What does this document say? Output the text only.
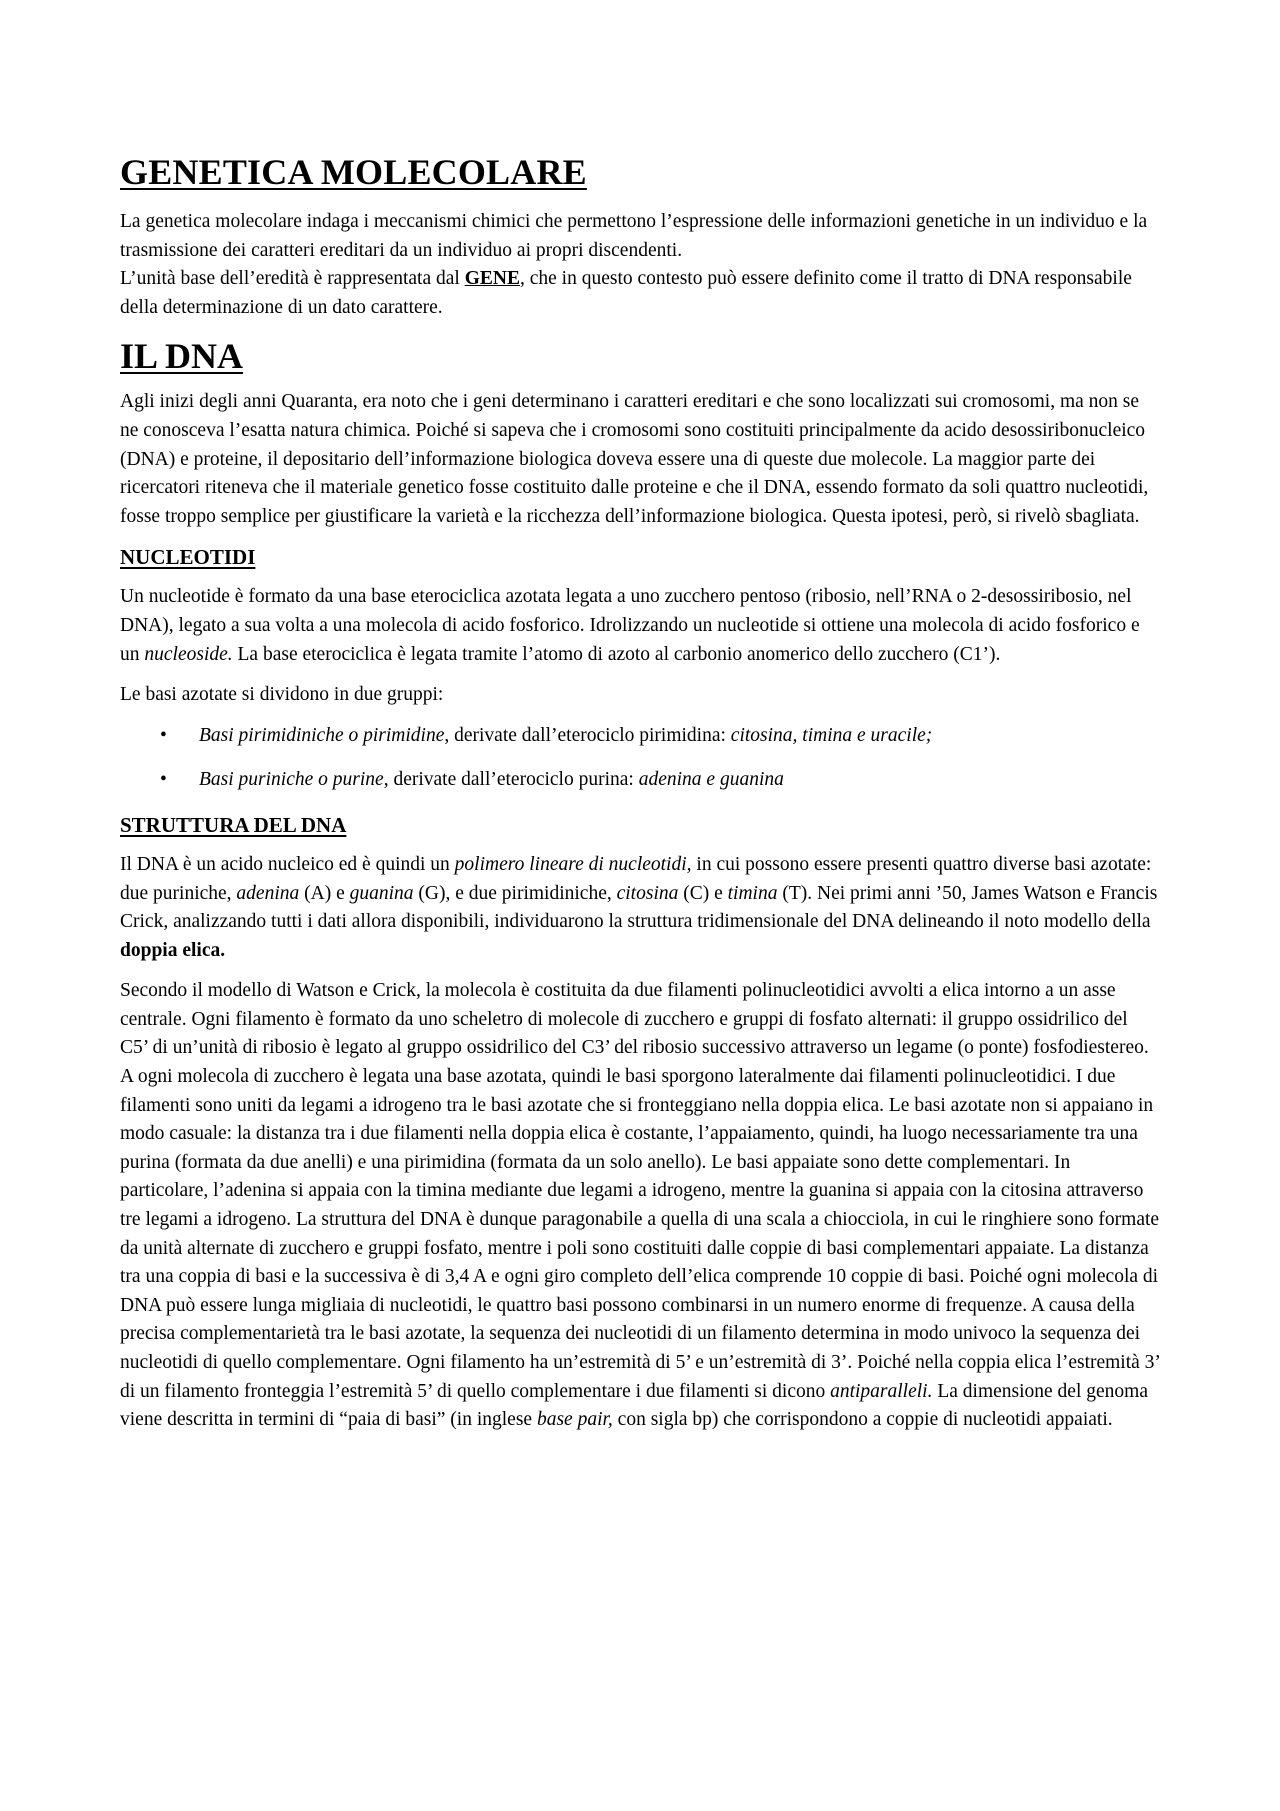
GENETICA MOLECOLARE

La genetica molecolare indaga i meccanismi chimici che permettono l’espressione delle informazioni genetiche in un individuo e la trasmissione dei caratteri ereditari da un individuo ai propri discendenti.

L’unità base dell’eredità è rappresentata dal GENE, che in questo contesto può essere definito come il tratto di DNA responsabile della determinazione di un dato carattere.

IL DNA

Agli inizi degli anni Quaranta, era noto che i geni determinano i caratteri ereditari e che sono localizzati sui cromosomi, ma non se ne conosceva l’esatta natura chimica. Poiché si sapeva che i cromosomi sono costituiti principalmente da acido desossiribonucleico (DNA) e proteine, il depositario dell’informazione biologica doveva essere una di queste due molecole. La maggior parte dei ricercatori riteneva che il materiale genetico fosse costituito dalle proteine e che il DNA, essendo formato da soli quattro nucleotidi, fosse troppo semplice per giustificare la varietà e la ricchezza dell’informazione biologica. Questa ipotesi, però, si rivelò sbagliata.

NUCLEOTIDI

Un nucleotide è formato da una base eterociclica azotata legata a uno zucchero pentoso (ribosio, nell’RNA o 2-desossiribosio, nel DNA), legato a sua volta a una molecola di acido fosforico. Idrolizzando un nucleotide si ottiene una molecola di acido fosforico e un nucleoside. La base eterociclica è legata tramite l’atomo di azoto al carbonio anomerico dello zucchero (C1’).

Le basi azotate si dividono in due gruppi:

• Basi pirimidiniche o pirimidine, derivate dall’eterociclo pirimidina: citosina, timina e uracile;
• Basi puriniche o purine, derivate dall’eterociclo purina: adenina e guanina
STRUTTURA DEL DNA

Il DNA è un acido nucleico ed è quindi un polimero lineare di nucleotidi, in cui possono essere presenti quattro diverse basi azotate: due puriniche, adenina (A) e guanina (G), e due pirimidiniche, citosina (C) e timina (T). Nei primi anni ’50, James Watson e Francis Crick, analizzando tutti i dati allora disponibili, individuarono la struttura tridimensionale del DNA delineando il noto modello della doppia elica.

Secondo il modello di Watson e Crick, la molecola è costituita da due filamenti polinucleotidici avvolti a elica intorno a un asse centrale. Ogni filamento è formato da uno scheletro di molecole di zucchero e gruppi di fosfato alternati: il gruppo ossidrilico del C5’ di un’unità di ribosio è legato al gruppo ossidrilico del C3’ del ribosio successivo attraverso un legame (o ponte) fosfodiestereo. A ogni molecola di zucchero è legata una base azotata, quindi le basi sporgono lateralmente dai filamenti polinucleotidici. I due filamenti sono uniti da legami a idrogeno tra le basi azotate che si fronteggiano nella doppia elica. Le basi azotate non si appaiano in modo casuale: la distanza tra i due filamenti nella doppia elica è costante, l’appaiamento, quindi, ha luogo necessariamente tra una purina (formata da due anelli) e una pirimidina (formata da un solo anello). Le basi appaiate sono dette complementari. In particolare, l’adenina si appaia con la timina mediante due legami a idrogeno, mentre la guanina si appaia con la citosina attraverso tre legami a idrogeno. La struttura del DNA è dunque paragonabile a quella di una scala a chiocciola, in cui le ringhiere sono formate da unità alternate di zucchero e gruppi fosfato, mentre i poli sono costituiti dalle coppie di basi complementari appaiate. La distanza tra una coppia di basi e la successiva è di 3,4 A e ogni giro completo dell’elica comprende 10 coppie di basi. Poiché ogni molecola di DNA può essere lunga migliaia di nucleotidi, le quattro basi possono combinarsi in un numero enorme di frequenze. A causa della precisa complementarietà tra le basi azotate, la sequenza dei nucleotidi di un filamento determina in modo univoco la sequenza dei nucleotidi di quello complementare. Ogni filamento ha un’estremità di 5’ e un’estremità di 3’. Poiché nella coppia elica l’estremità 3’ di un filamento fronteggia l’estremità 5’ di quello complementare i due filamenti si dicono antiparalleli. La dimensione del genoma viene descritta in termini di “paia di basi” (in inglese base pair, con sigla bp) che corrispondono a coppie di nucleotidi appaiati.
